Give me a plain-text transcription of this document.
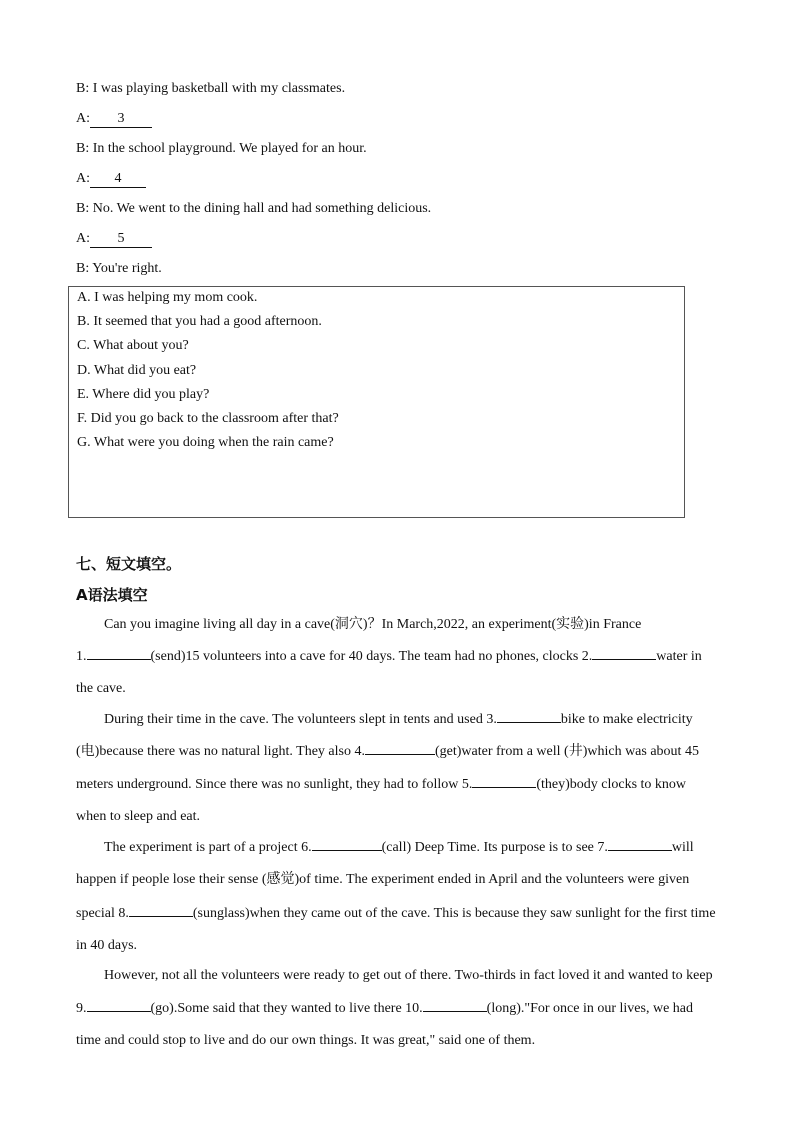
B: I was playing basketball with my classmates.
A: 3
B: In the school playground. We played for an hour.
A: 4
B: No. We went to the dining hall and had something delicious.
A: 5
B: You're right.
A. I was helping my mom cook.
B. It seemed that you had a good afternoon.
C. What about you?
D. What did you eat?
E. Where did you play?
F. Did you go back to the classroom after that?
G. What were you doing when the rain came?
七、短文填空。
A语法填空
Can you imagine living all day in a cave(洞穴)？In March,2022, an experiment(实验)in France
1.	(send)15 volunteers into a cave for 40 days. The team had no phones, clocks 2.	water in
the cave.
During their time in the cave. The volunteers slept in tents and used 3.	bike to make electricity
(电)because there was no natural light. They also 4.	(get)water from a well (井)which was about 45
meters underground. Since there was no sunlight, they had to follow 5.	(they)body clocks to know
when to sleep and eat.
The experiment is part of a project 6.	(call) Deep Time. Its purpose is to see 7.	will
happen if people lose their sense (感觉)of time. The experiment ended in April and the volunteers were given
special 8.	(sunglass)when they came out of the cave. This is because they saw sunlight for the first time
in 40 days.
However, not all the volunteers were ready to get out of there. Two-thirds in fact loved it and wanted to keep
9.	(go).Some said that they wanted to live there 10.	(long)."For once in our lives, we had
time and could stop to live and do our own things. It was great," said one of them.
